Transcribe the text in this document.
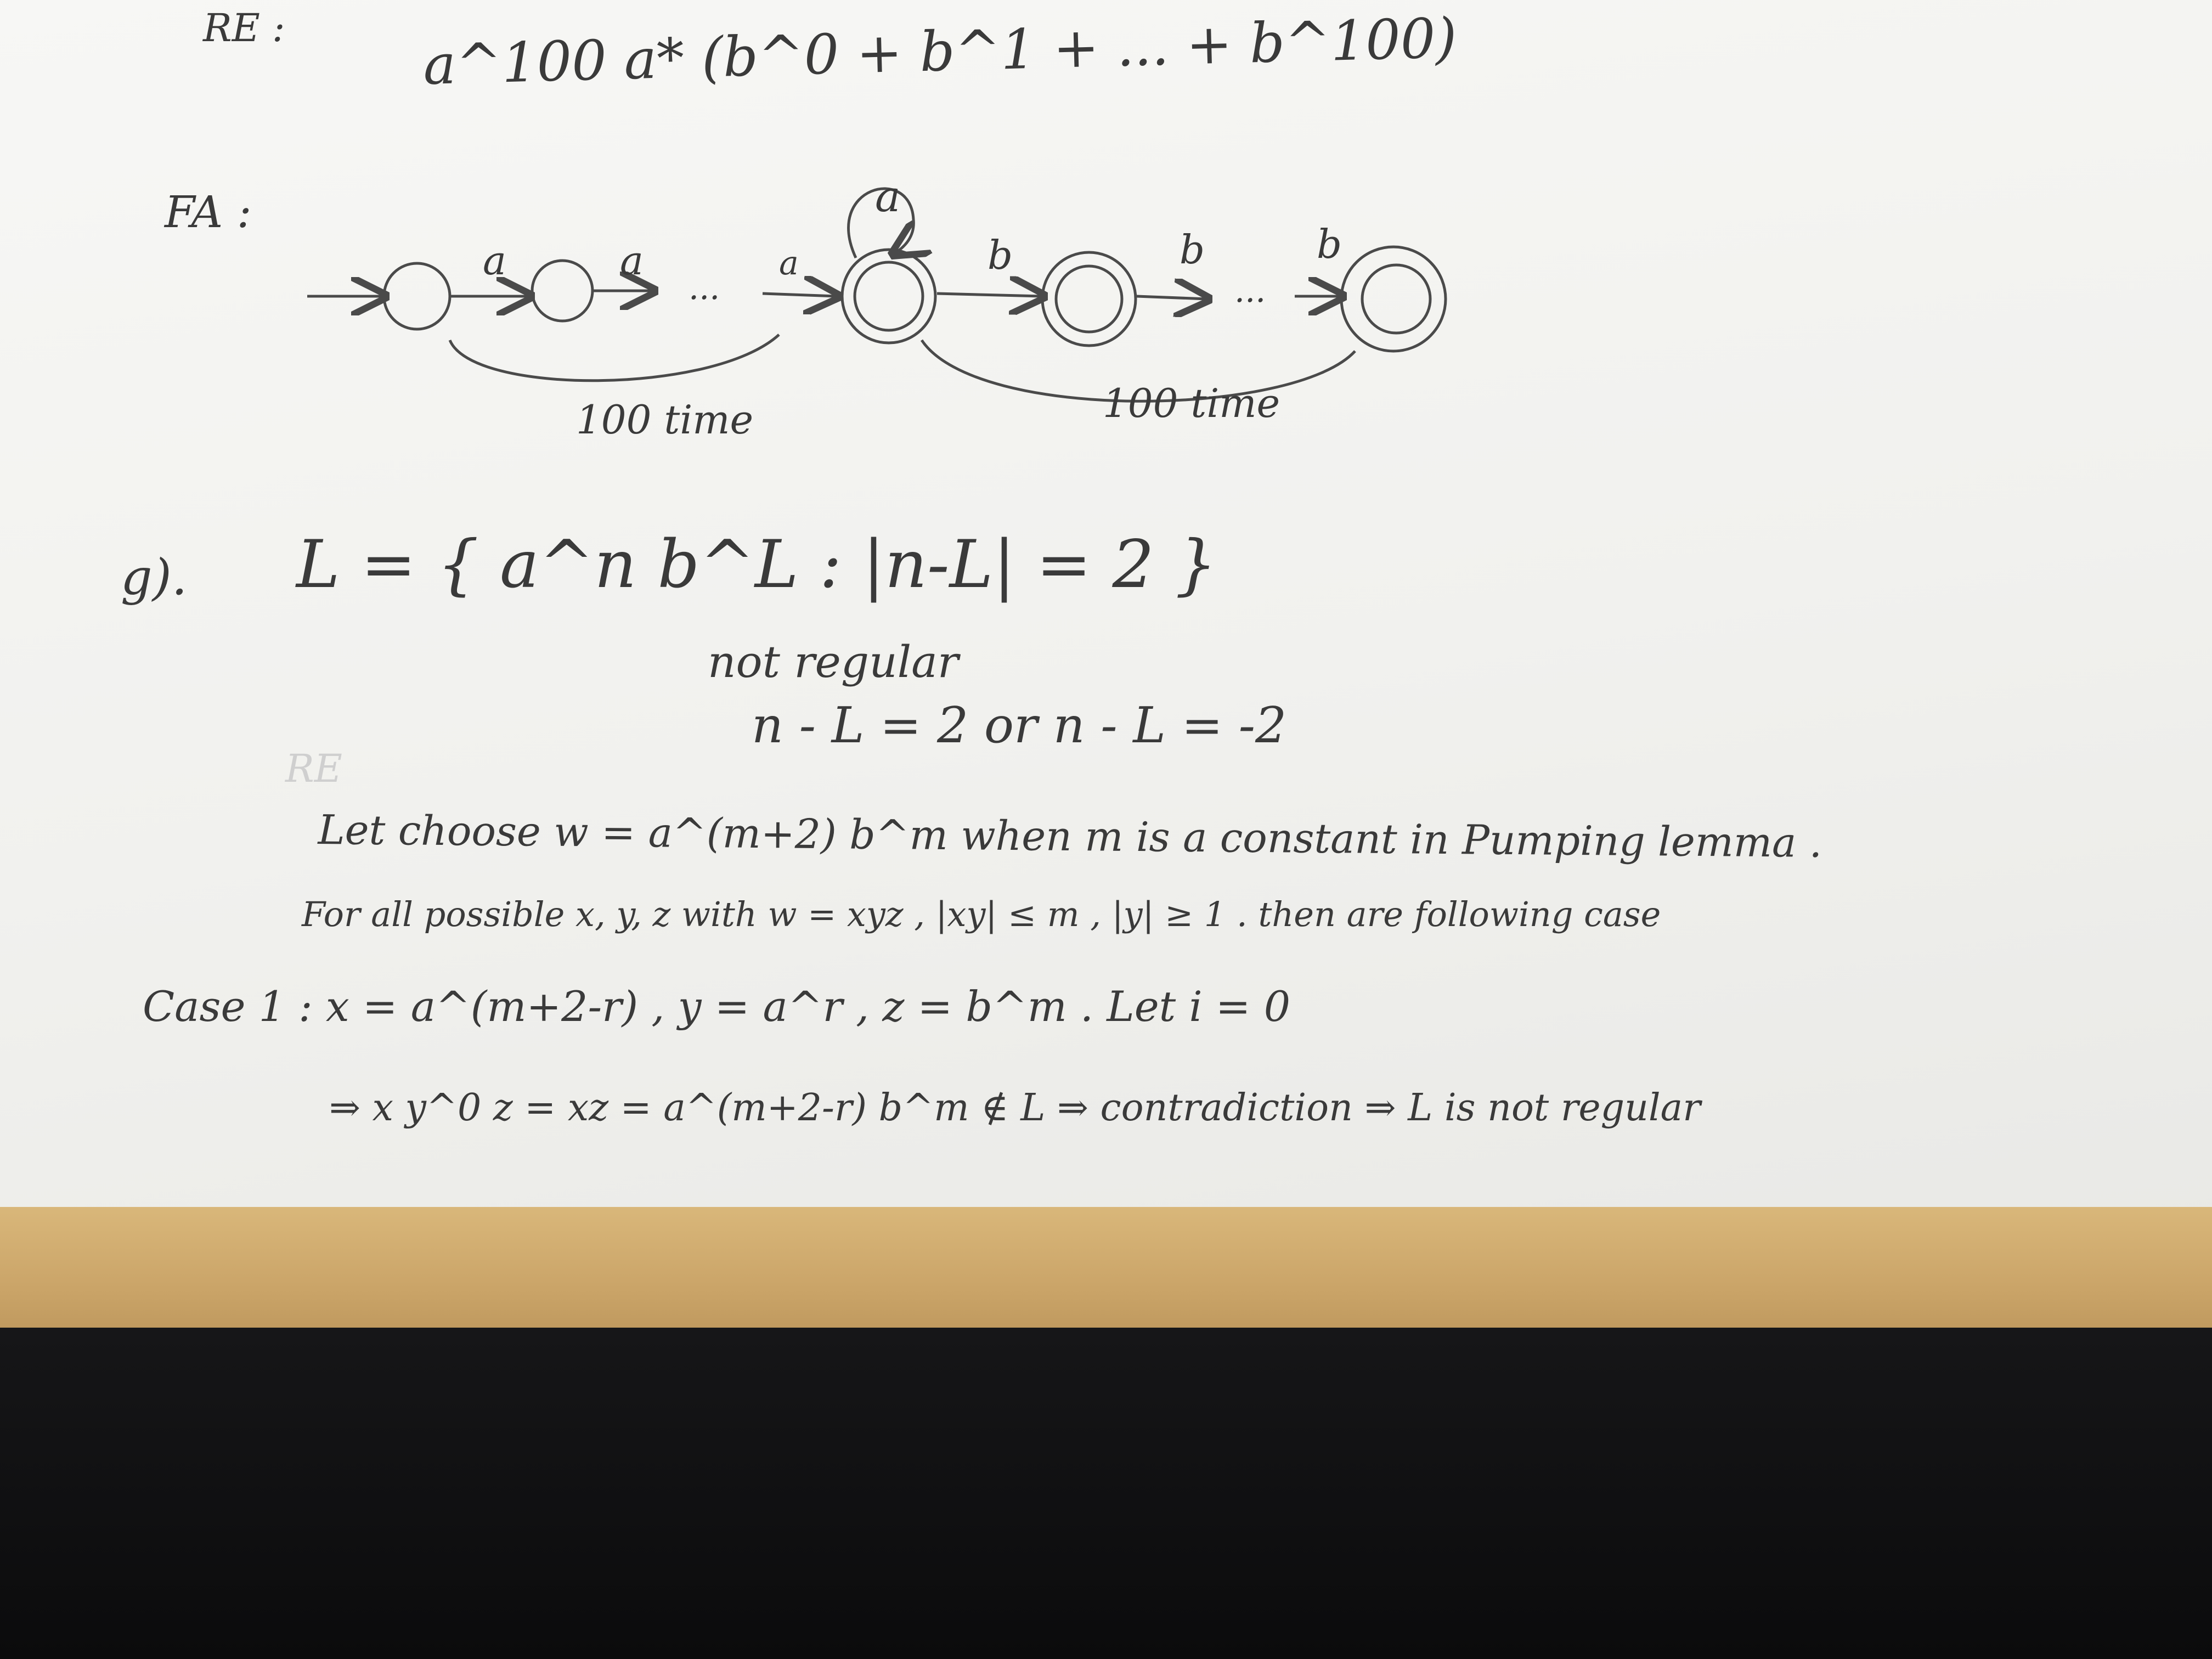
RE :	a^100 a* (b^0 + b^1 + ... + b^100)
FA :
a	a
...
a
a
b	b
...
b
100 time	100 time
g). L = { a^n b^L : |n-L| = 2 }
not regular
n - L = 2 or n - L = -2
RE
Let choose w = a^(m+2) b^m when m is a constant in Pumping lemma .
For all possible x, y, z with w = xyz , |xy| ≤ m , |y| ≥ 1 . then are following case
Case 1 : x = a^(m+2-r) , y = a^r , z = b^m . Let i = 0
⇒ x y^0 z = xz = a^(m+2-r) b^m ∉ L ⇒ contradiction ⇒ L is not regular
